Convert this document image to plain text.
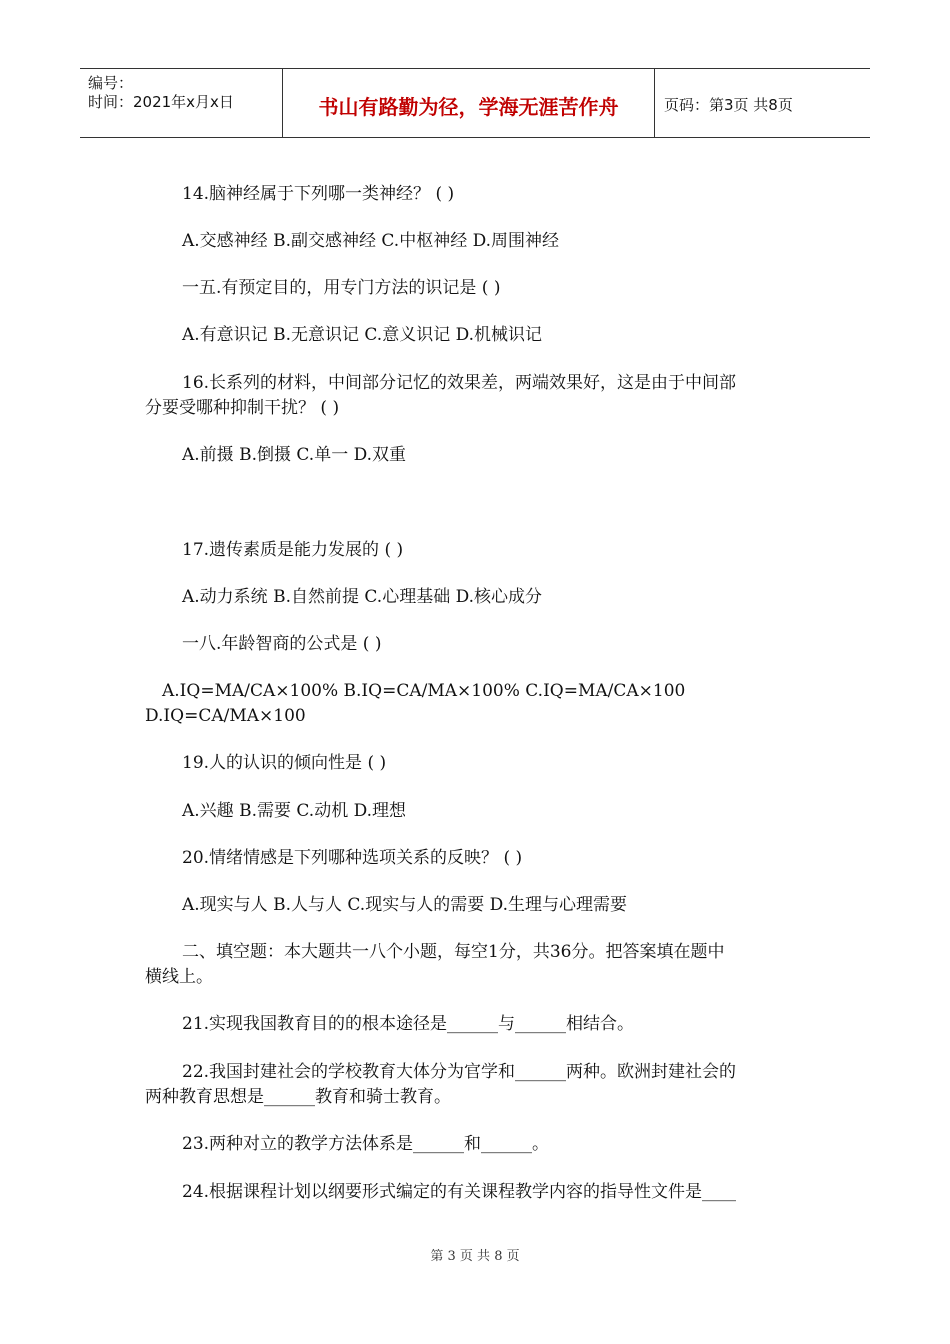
编号：
时间：2021年x月x日	书山有路勤为径，学海无涯苦作舟	页码：第3页 共8页
14.脑神经属于下列哪一类神经？ ( )
A.交感神经 B.副交感神经 C.中枢神经 D.周围神经
一五.有预定目的，用专门方法的识记是 ( )
A.有意识记 B.无意识记 C.意义识记 D.机械识记
16.长系列的材料，中间部分记忆的效果差，两端效果好，这是由于中间部
分要受哪种抑制干扰？ ( )
A.前摄 B.倒摄 C.单一 D.双重
17.遗传素质是能力发展的 ( )
A.动力系统 B.自然前提 C.心理基础 D.核心成分
一八.年龄智商的公式是 ( )
A.IQ=MA/CA×100% B.IQ=CA/MA×100% C.IQ=MA/CA×100
D.IQ=CA/MA×100
19.人的认识的倾向性是 ( )
A.兴趣 B.需要 C.动机 D.理想
20.情绪情感是下列哪种选项关系的反映？ ( )
A.现实与人 B.人与人 C.现实与人的需要 D.生理与心理需要
二、填空题：本大题共一八个小题，每空1分，共36分。把答案填在题中
横线上。
21.实现我国教育目的的根本途径是______与______相结合。
22.我国封建社会的学校教育大体分为官学和______两种。欧洲封建社会的
两种教育思想是______教育和骑士教育。
23.两种对立的教学方法体系是______和______。
24.根据课程计划以纲要形式编定的有关课程教学内容的指导性文件是____
第 3 页 共 8 页
